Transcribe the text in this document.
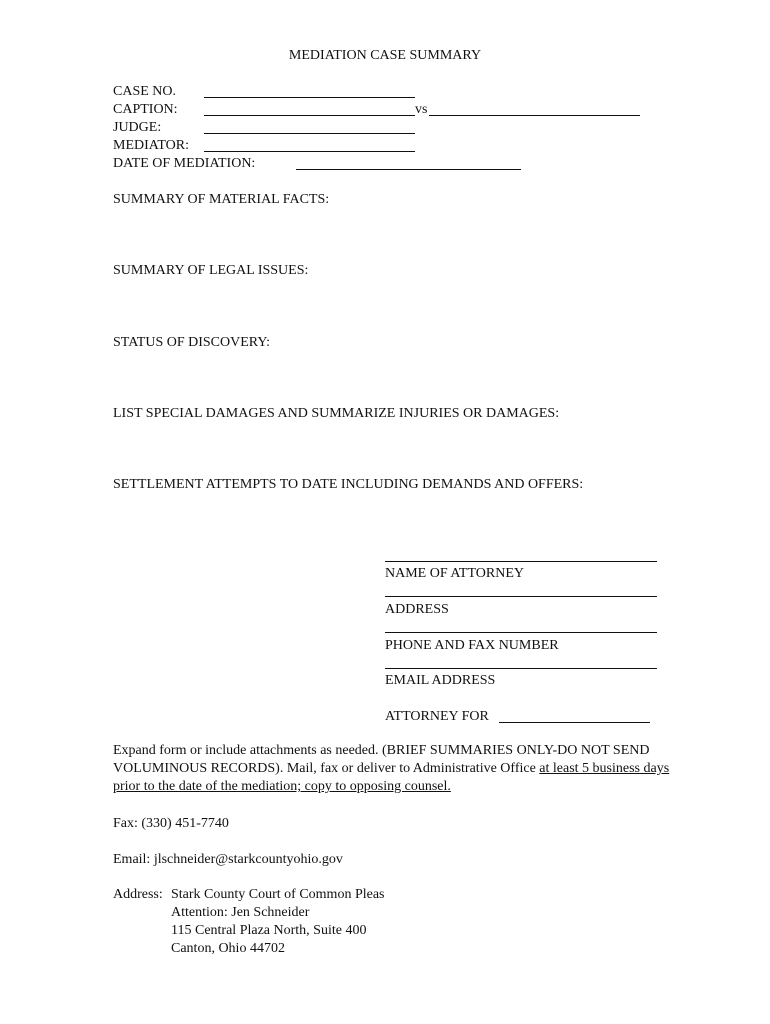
MEDIATION CASE SUMMARY
CASE NO.
CAPTION:	vs
JUDGE:
MEDIATOR:
DATE OF MEDIATION:
SUMMARY OF MATERIAL FACTS:
SUMMARY OF LEGAL ISSUES:
STATUS OF DISCOVERY:
LIST SPECIAL DAMAGES AND SUMMARIZE INJURIES OR DAMAGES:
SETTLEMENT ATTEMPTS TO DATE INCLUDING DEMANDS AND OFFERS:
NAME OF ATTORNEY
ADDRESS
PHONE AND FAX NUMBER
EMAIL ADDRESS
ATTORNEY FOR
Expand form or include attachments as needed. (BRIEF SUMMARIES ONLY-DO NOT SEND VOLUMINOUS RECORDS). Mail, fax or deliver to Administrative Office at least 5 business days prior to the date of the mediation; copy to opposing counsel.
Fax: (330) 451-7740
Email: jlschneider@starkcountyohio.gov
Address: Stark County Court of Common Pleas
Attention: Jen Schneider
115 Central Plaza North, Suite 400
Canton, Ohio 44702
